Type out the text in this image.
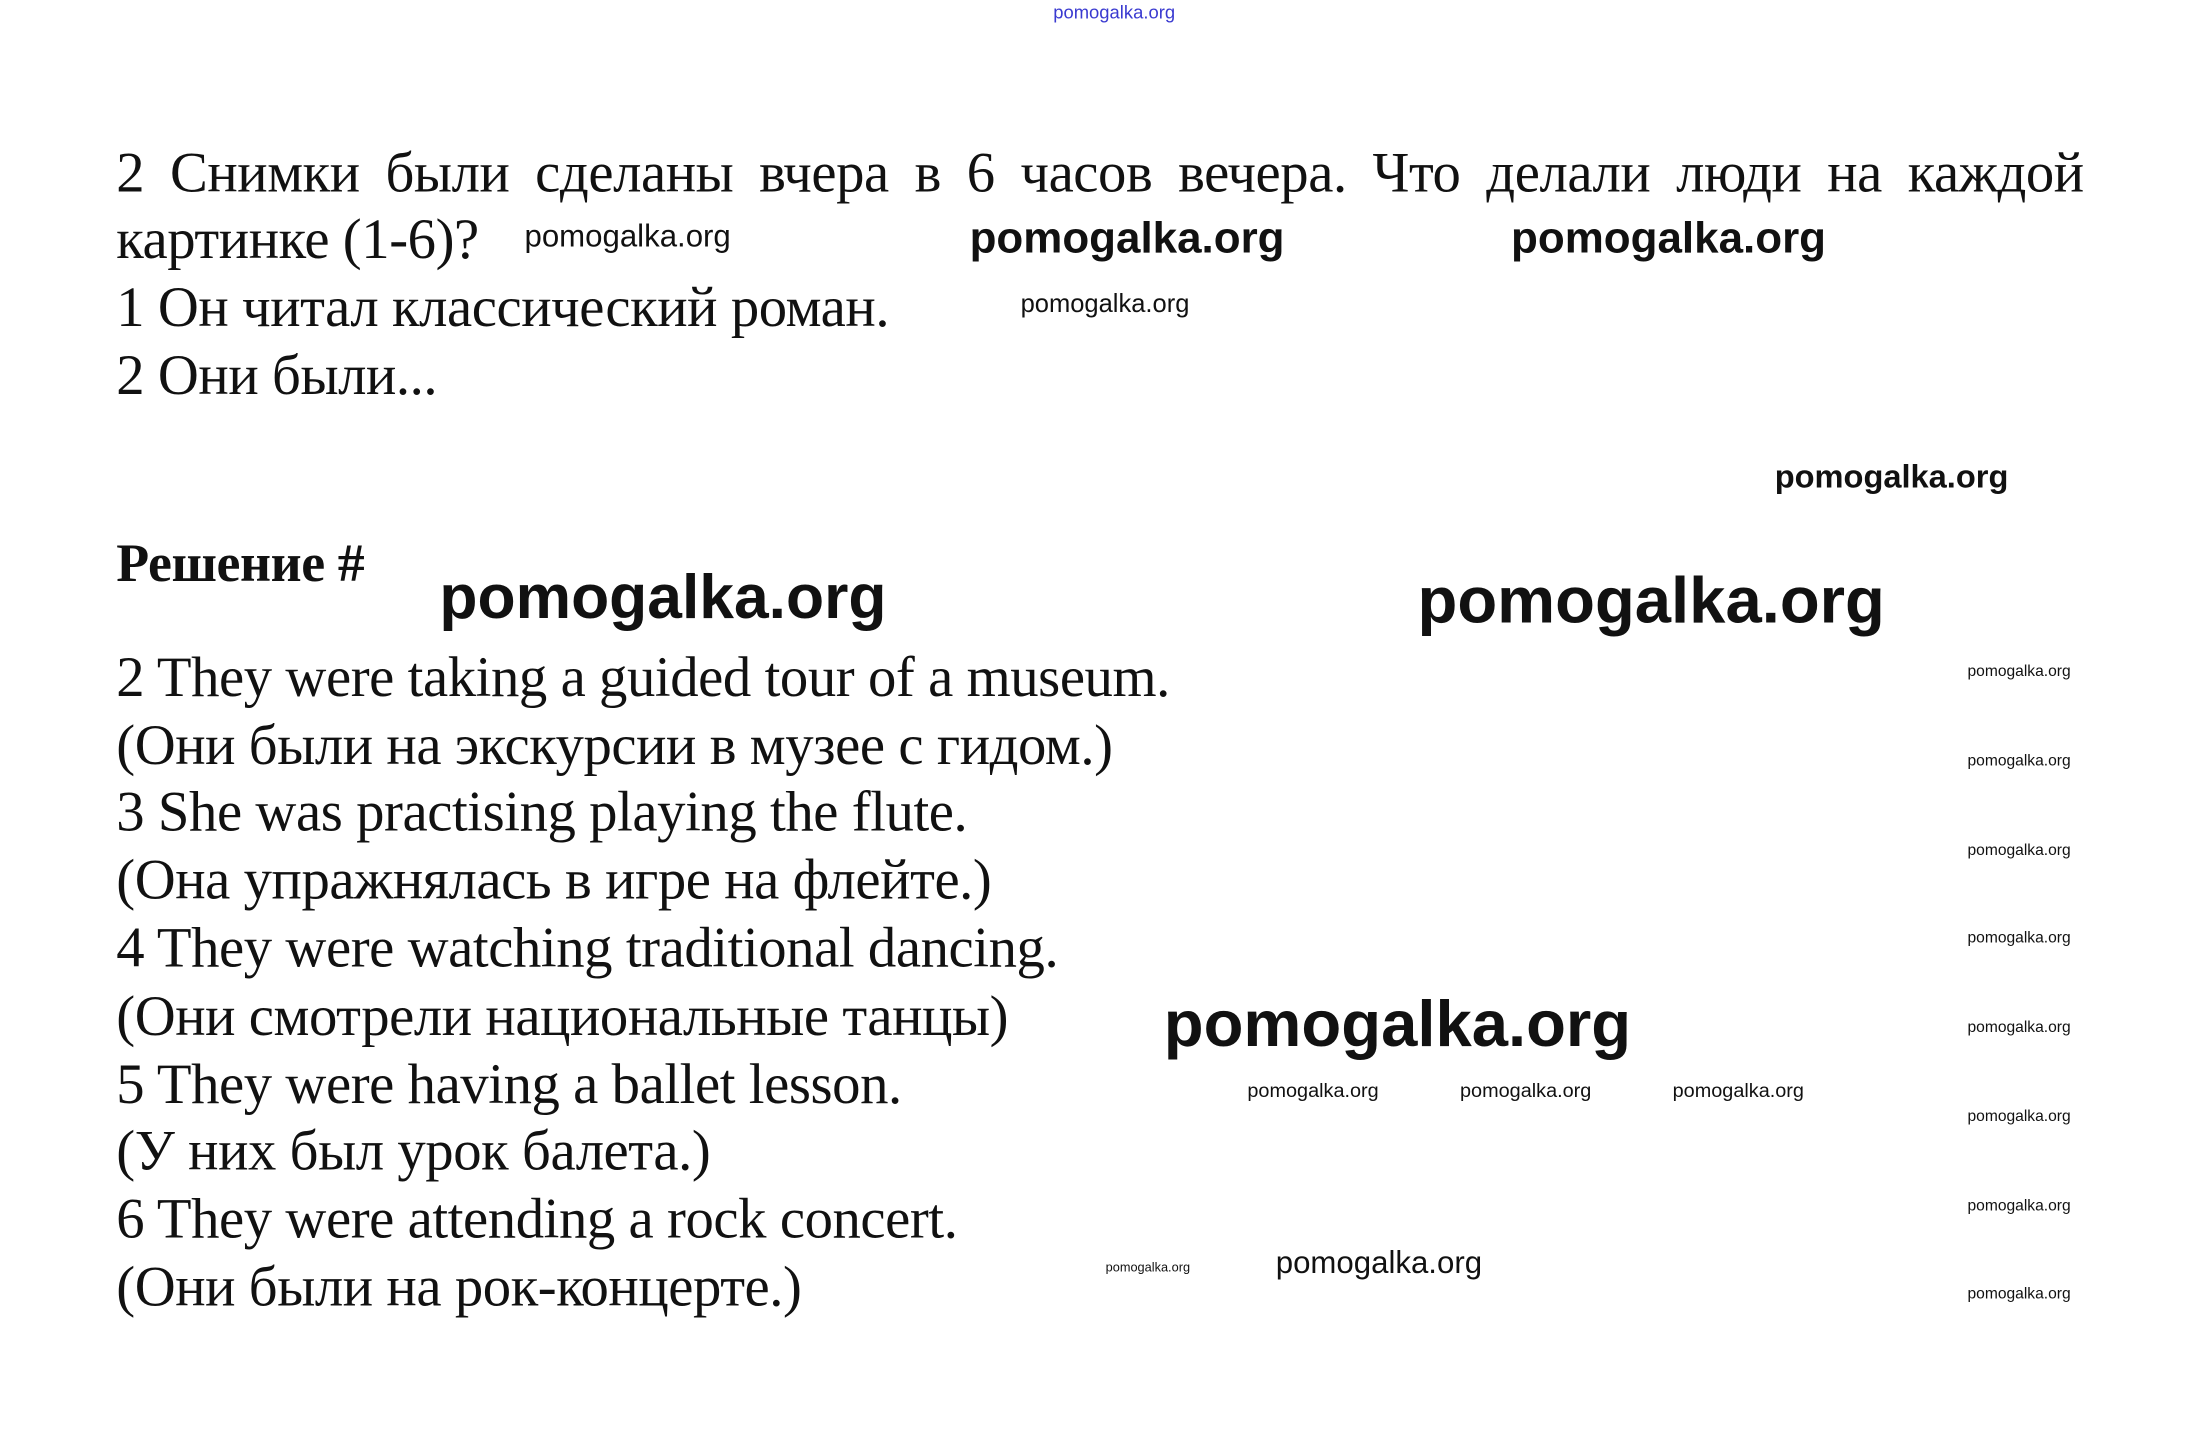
pomogalka.org
2 Снимки были сделаны вчера в 6 часов вечера. Что делали люди на каждой
картинке (1-6)?
1 Он читал классический роман.
2 Они были...
Решение #
2 They were taking a guided tour of a museum.
(Они были на экскурсии в музее с гидом.)
3 She was practising playing the flute.
(Она упражнялась в игре на флейте.)
4 They were watching traditional dancing.
(Они смотрели национальные танцы)
5 They were having a ballet lesson.
(У них был урок балета.)
6 They were attending a rock concert.
(Они были на рок-концерте.)
pomogalka.org
pomogalka.org	pomogalka.org	pomogalka.org
pomogalka.org
pomogalka.org	pomogalka.org
pomogalka.org
pomogalka.org	pomogalka.org	pomogalka.org
pomogalka.org	pomogalka.org
pomogalka.org
pomogalka.org
pomogalka.org
pomogalka.org
pomogalka.org
pomogalka.org
pomogalka.org
pomogalka.org
